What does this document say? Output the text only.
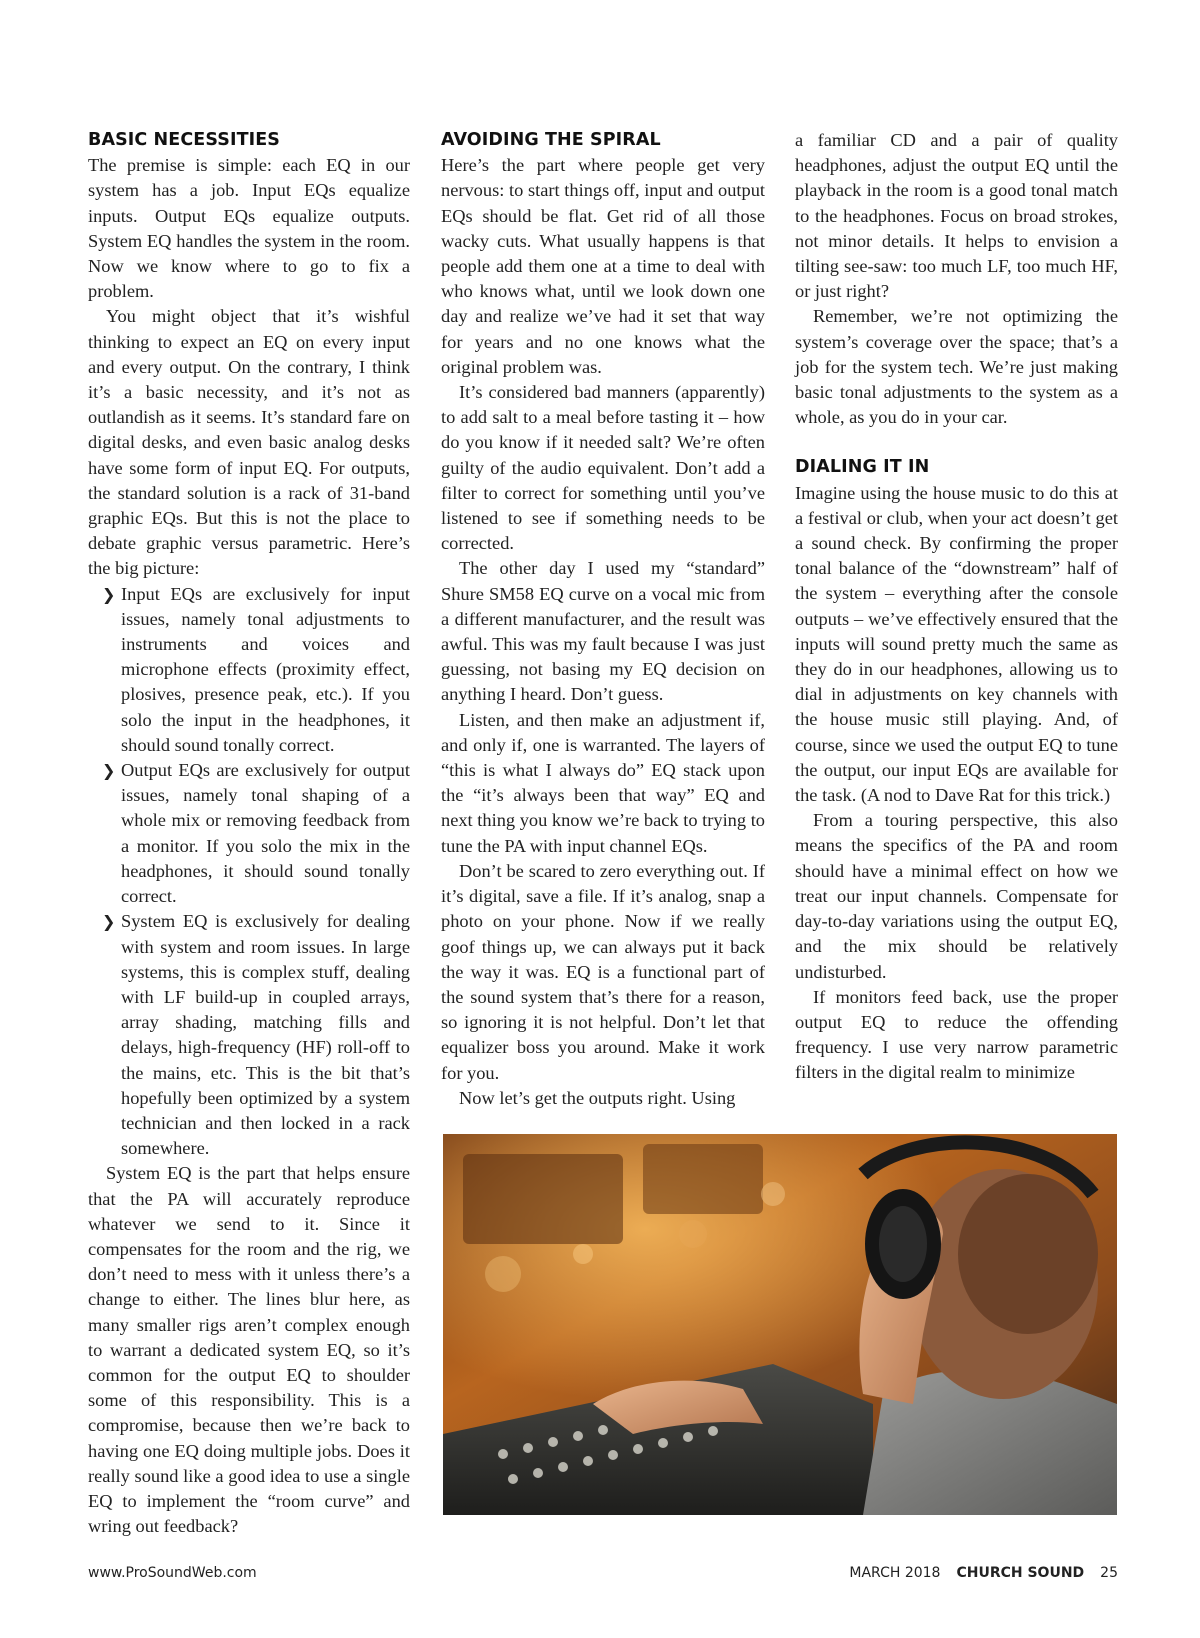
BASIC NECESSITIES

The premise is simple: each EQ in our system has a job. Input EQs equalize inputs. Output EQs equalize outputs. System EQ handles the system in the room. Now we know where to go to fix a problem.

You might object that it’s wishful thinking to expect an EQ on every input and every output. On the contrary, I think it’s a basic necessity, and it’s not as outlandish as it seems. It’s standard fare on digital desks, and even basic analog desks have some form of input EQ. For outputs, the standard solution is a rack of 31-band graphic EQs. But this is not the place to debate graphic versus parametric. Here’s the big picture:

❯ Input EQs are exclusively for input issues, namely tonal adjustments to instruments and voices and microphone effects (proximity effect, plosives, presence peak, etc.). If you solo the input in the headphones, it should sound tonally correct.
❯ Output EQs are exclusively for output issues, namely tonal shaping of a whole mix or removing feedback from a monitor. If you solo the mix in the headphones, it should sound tonally correct.
❯ System EQ is exclusively for dealing with system and room issues. In large systems, this is complex stuff, dealing with LF build-up in coupled arrays, array shading, matching fills and delays, high-frequency (HF) roll-off to the mains, etc. This is the bit that’s hopefully been optimized by a system technician and then locked in a rack somewhere.

System EQ is the part that helps ensure that the PA will accurately reproduce whatever we send to it. Since it compensates for the room and the rig, we don’t need to mess with it unless there’s a change to either. The lines blur here, as many smaller rigs aren’t complex enough to warrant a dedicated system EQ, so it’s common for the output EQ to shoulder some of this responsibility. This is a compromise, because then we’re back to having one EQ doing multiple jobs. Does it really sound like a good idea to use a single EQ to implement the “room curve” and wring out feedback?

AVOIDING THE SPIRAL

Here’s the part where people get very nervous: to start things off, input and output EQs should be flat. Get rid of all those wacky cuts. What usually happens is that people add them one at a time to deal with who knows what, until we look down one day and realize we’ve had it set that way for years and no one knows what the original problem was.

It’s considered bad manners (apparently) to add salt to a meal before tasting it – how do you know if it needed salt? We’re often guilty of the audio equivalent. Don’t add a filter to correct for something until you’ve listened to see if something needs to be corrected.

The other day I used my “standard” Shure SM58 EQ curve on a vocal mic from a different manufacturer, and the result was awful. This was my fault because I was just guessing, not basing my EQ decision on anything I heard. Don’t guess.

Listen, and then make an adjustment if, and only if, one is warranted. The layers of “this is what I always do” EQ stack upon the “it’s always been that way” EQ and next thing you know we’re back to trying to tune the PA with input channel EQs.

Don’t be scared to zero everything out. If it’s digital, save a file. If it’s analog, snap a photo on your phone. Now if we really goof things up, we can always put it back the way it was. EQ is a functional part of the sound system that’s there for a reason, so ignoring it is not helpful. Don’t let that equalizer boss you around. Make it work for you.

Now let’s get the outputs right. Using

a familiar CD and a pair of quality headphones, adjust the output EQ until the playback in the room is a good tonal match to the headphones. Focus on broad strokes, not minor details. It helps to envision a tilting see-saw: too much LF, too much HF, or just right?

Remember, we’re not optimizing the system’s coverage over the space; that’s a job for the system tech. We’re just making basic tonal adjustments to the system as a whole, as you do in your car.

DIALING IT IN

Imagine using the house music to do this at a festival or club, when your act doesn’t get a sound check. By confirming the proper tonal balance of the “downstream” half of the system – everything after the console outputs – we’ve effectively ensured that the inputs will sound pretty much the same as they do in our headphones, allowing us to dial in adjustments on key channels with the house music still playing. And, of course, since we used the output EQ to tune the output, our input EQs are available for the task. (A nod to Dave Rat for this trick.)

From a touring perspective, this also means the specifics of the PA and room should have a minimal effect on how we treat our input channels. Compensate for day-to-day variations using the output EQ, and the mix should be relatively undisturbed.

If monitors feed back, use the proper output EQ to reduce the offending frequency. I use very narrow parametric filters in the digital realm to minimize

www.ProSoundWeb.com	MARCH 2018 CHURCH SOUND 25
